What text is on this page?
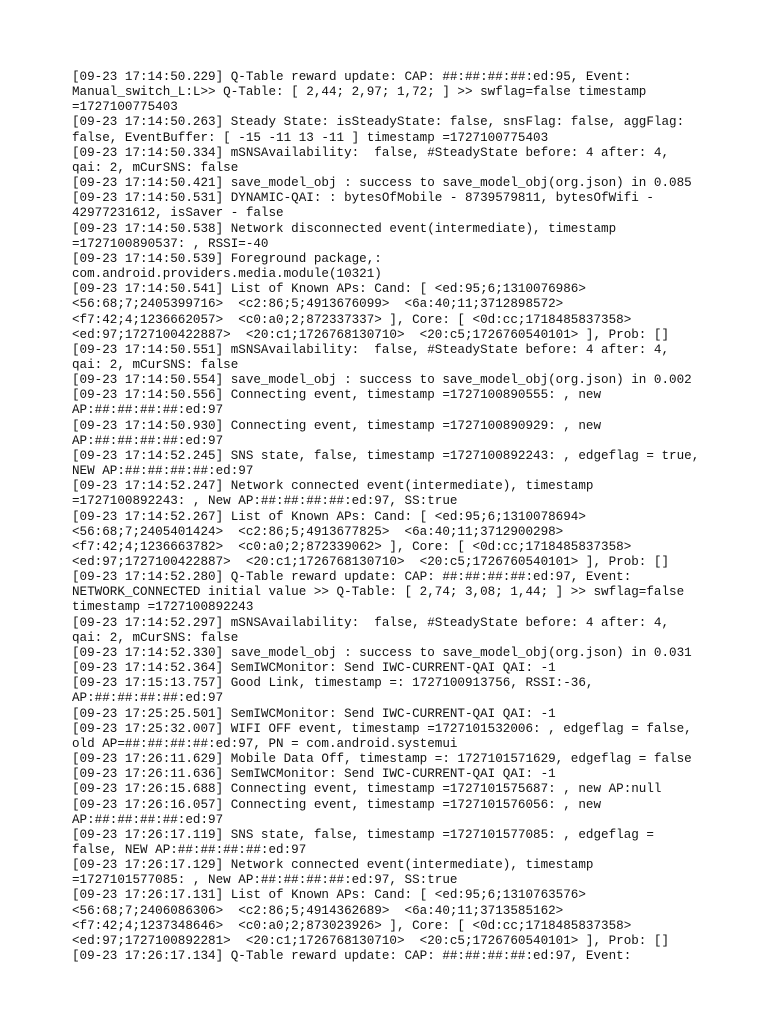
[09-23 17:14:50.229] Q-Table reward update: CAP: ##:##:##:##:ed:95, Event:
Manual_switch_L:L>> Q-Table: [ 2,44; 2,97; 1,72; ] >> swflag=false timestamp
=1727100775403
[09-23 17:14:50.263] Steady State: isSteadyState: false, snsFlag: false, aggFlag:
false, EventBuffer: [ -15 -11 13 -11 ] timestamp =1727100775403
[09-23 17:14:50.334] mSNSAvailability:  false, #SteadyState before: 4 after: 4,
qai: 2, mCurSNS: false
[09-23 17:14:50.421] save_model_obj : success to save_model_obj(org.json) in 0.085
[09-23 17:14:50.531] DYNAMIC-QAI: : bytesOfMobile - 8739579811, bytesOfWifi -
42977231612, isSaver - false
[09-23 17:14:50.538] Network disconnected event(intermediate), timestamp
=1727100890537: , RSSI=-40
[09-23 17:14:50.539] Foreground package,:
com.android.providers.media.module(10321)
[09-23 17:14:50.541] List of Known APs: Cand: [ <ed:95;6;1310076986>
<56:68;7;2405399716>  <c2:86;5;4913676099>  <6a:40;11;3712898572>
<f7:42;4;1236662057>  <c0:a0;2;872337337> ], Core: [ <0d:cc;1718485837358>
<ed:97;1727100422887>  <20:c1;1726768130710>  <20:c5;1726760540101> ], Prob: []
[09-23 17:14:50.551] mSNSAvailability:  false, #SteadyState before: 4 after: 4,
qai: 2, mCurSNS: false
[09-23 17:14:50.554] save_model_obj : success to save_model_obj(org.json) in 0.002
[09-23 17:14:50.556] Connecting event, timestamp =1727100890555: , new
AP:##:##:##:##:ed:97
[09-23 17:14:50.930] Connecting event, timestamp =1727100890929: , new
AP:##:##:##:##:ed:97
[09-23 17:14:52.245] SNS state, false, timestamp =1727100892243: , edgeflag = true,
NEW AP:##:##:##:##:ed:97
[09-23 17:14:52.247] Network connected event(intermediate), timestamp
=1727100892243: , New AP:##:##:##:##:ed:97, SS:true
[09-23 17:14:52.267] List of Known APs: Cand: [ <ed:95;6;1310078694>
<56:68;7;2405401424>  <c2:86;5;4913677825>  <6a:40;11;3712900298>
<f7:42;4;1236663782>  <c0:a0;2;872339062> ], Core: [ <0d:cc;1718485837358>
<ed:97;1727100422887>  <20:c1;1726768130710>  <20:c5;1726760540101> ], Prob: []
[09-23 17:14:52.280] Q-Table reward update: CAP: ##:##:##:##:ed:97, Event:
NETWORK_CONNECTED initial value >> Q-Table: [ 2,74; 3,08; 1,44; ] >> swflag=false
timestamp =1727100892243
[09-23 17:14:52.297] mSNSAvailability:  false, #SteadyState before: 4 after: 4,
qai: 2, mCurSNS: false
[09-23 17:14:52.330] save_model_obj : success to save_model_obj(org.json) in 0.031
[09-23 17:14:52.364] SemIWCMonitor: Send IWC-CURRENT-QAI QAI: -1
[09-23 17:15:13.757] Good Link, timestamp =: 1727100913756, RSSI:-36,
AP:##:##:##:##:ed:97
[09-23 17:25:25.501] SemIWCMonitor: Send IWC-CURRENT-QAI QAI: -1
[09-23 17:25:32.007] WIFI OFF event, timestamp =1727101532006: , edgeflag = false,
old AP=##:##:##:##:ed:97, PN = com.android.systemui
[09-23 17:26:11.629] Mobile Data Off, timestamp =: 1727101571629, edgeflag = false
[09-23 17:26:11.636] SemIWCMonitor: Send IWC-CURRENT-QAI QAI: -1
[09-23 17:26:15.688] Connecting event, timestamp =1727101575687: , new AP:null
[09-23 17:26:16.057] Connecting event, timestamp =1727101576056: , new
AP:##:##:##:##:ed:97
[09-23 17:26:17.119] SNS state, false, timestamp =1727101577085: , edgeflag =
false, NEW AP:##:##:##:##:ed:97
[09-23 17:26:17.129] Network connected event(intermediate), timestamp
=1727101577085: , New AP:##:##:##:##:ed:97, SS:true
[09-23 17:26:17.131] List of Known APs: Cand: [ <ed:95;6;1310763576>
<56:68;7;2406086306>  <c2:86;5;4914362689>  <6a:40;11;3713585162>
<f7:42;4;1237348646>  <c0:a0;2;873023926> ], Core: [ <0d:cc;1718485837358>
<ed:97;1727100892281>  <20:c1;1726768130710>  <20:c5;1726760540101> ], Prob: []
[09-23 17:26:17.134] Q-Table reward update: CAP: ##:##:##:##:ed:97, Event:
